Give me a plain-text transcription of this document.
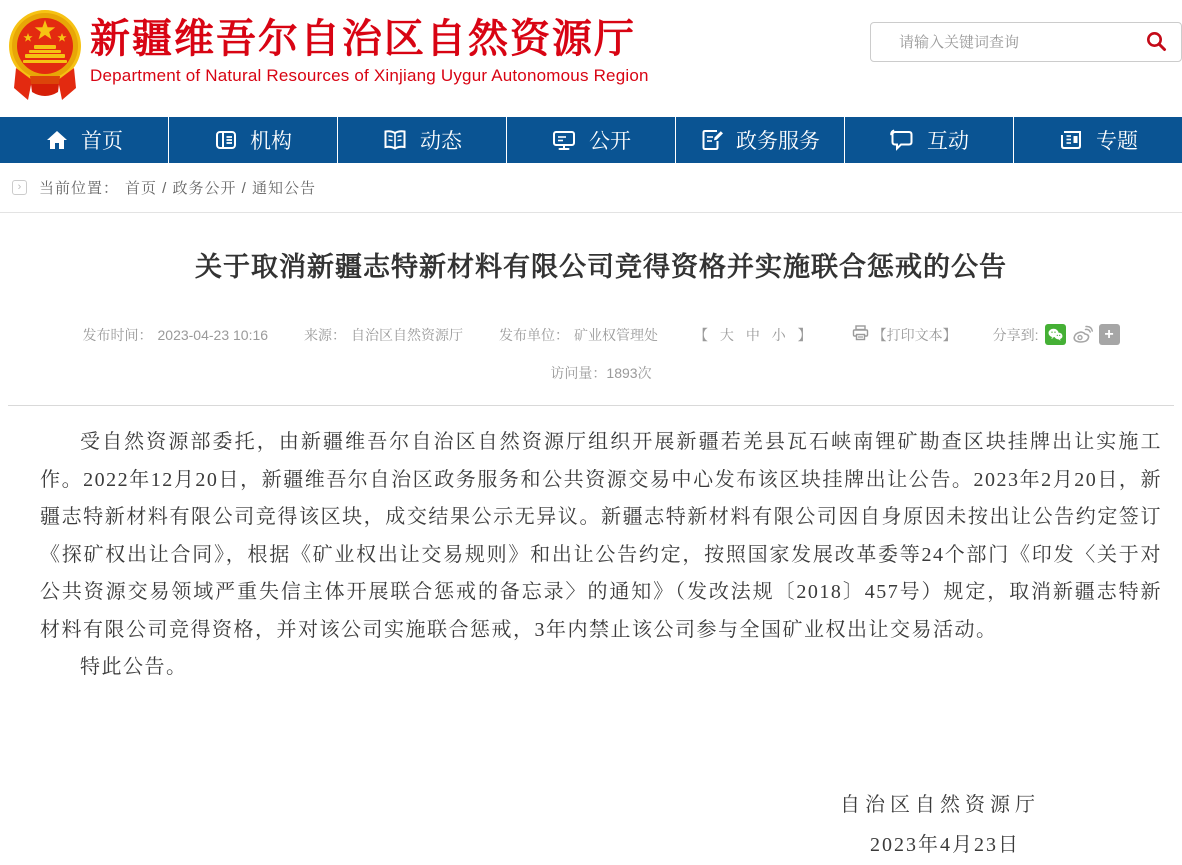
新疆维吾尔自治区自然资源厅
Department of Natural Resources of Xinjiang Uygur Autonomous Region
请输入关键词查询
首页	机构	动态	公开	政务服务	互动	专题
›	当前位置： 首页 / 政务公开 / 通知公告
关于取消新疆志特新材料有限公司竞得资格并实施联合惩戒的公告
发布时间： 2023-04-23 10:16	来源： 自治区自然资源厅	发布单位： 矿业权管理处	【 大 中 小 】	【打印文本】	分享到:	+
访问量：1893次

受自然资源部委托，由新疆维吾尔自治区自然资源厅组织开展新疆若羌县瓦石峡南锂矿勘查区块挂牌出让实施工作。2022年12月20日，新疆维吾尔自治区政务服务和公共资源交易中心发布该区块挂牌出让公告。2023年2月20日，新疆志特新材料有限公司竞得该区块，成交结果公示无异议。新疆志特新材料有限公司因自身原因未按出让公告约定签订《探矿权出让合同》，根据《矿业权出让交易规则》和出让公告约定，按照国家发展改革委等24个部门《印发〈关于对公共资源交易领域严重失信主体开展联合惩戒的备忘录〉的通知》（发改法规〔2018〕457号）规定，取消新疆志特新材料有限公司竞得资格，并对该公司实施联合惩戒，3年内禁止该公司参与全国矿业权出让交易活动。

特此公告。

自治区自然资源厅
2023年4月23日
